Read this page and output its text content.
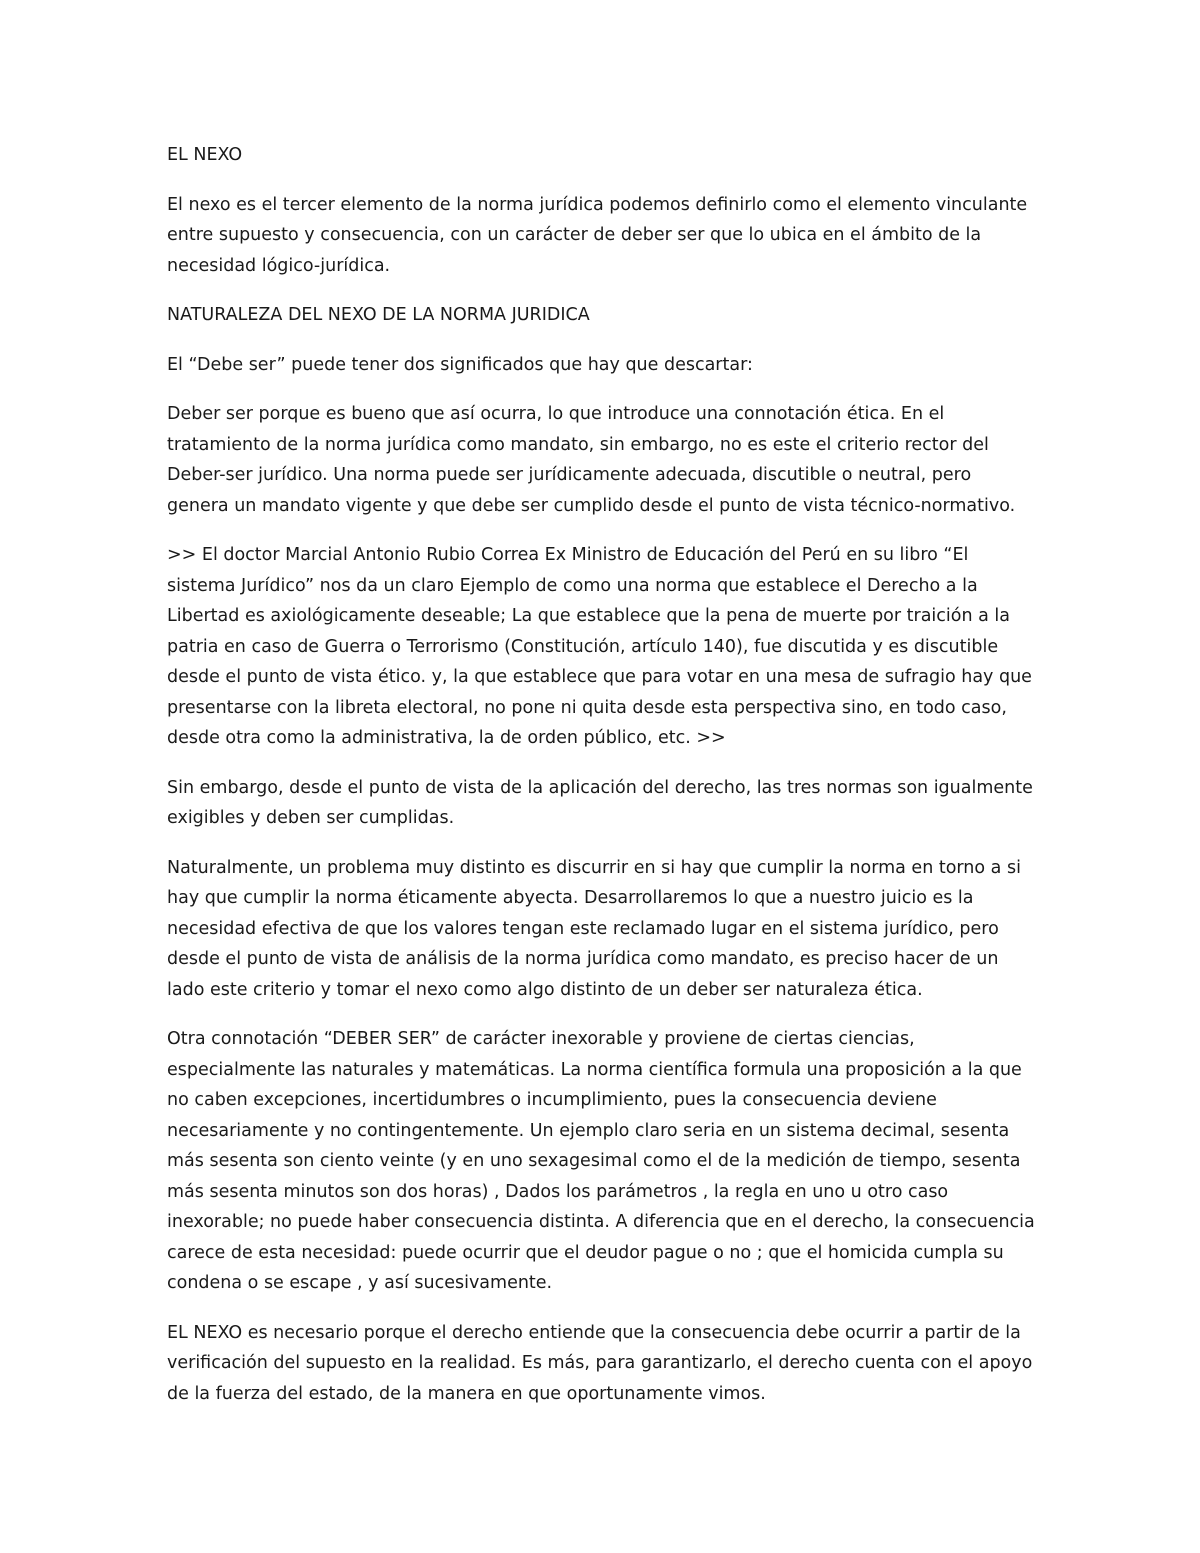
EL NEXO

El nexo es el tercer elemento de la norma jurídica podemos definirlo como el elemento vinculante entre supuesto y consecuencia, con un carácter de deber ser que lo ubica en el ámbito de la necesidad lógico-jurídica.

NATURALEZA DEL NEXO DE LA NORMA JURIDICA

El “Debe ser” puede tener dos significados que hay que descartar:

Deber ser porque es bueno que así ocurra, lo que introduce una connotación ética. En el tratamiento de la norma jurídica como mandato, sin embargo, no es este el criterio rector del Deber-ser jurídico. Una norma puede ser jurídicamente adecuada, discutible o neutral, pero genera un mandato vigente y que debe ser cumplido desde el punto de vista técnico-normativo.

>> El doctor Marcial Antonio Rubio Correa Ex Ministro de Educación del Perú en su libro “El sistema Jurídico” nos da un claro Ejemplo de como una norma que establece el Derecho a la Libertad es axiológicamente deseable; La que establece que la pena de muerte por traición a la patria en caso de Guerra o Terrorismo (Constitución, artículo 140), fue discutida y es discutible desde el punto de vista ético. y, la que establece que para votar en una mesa de sufragio hay que presentarse con la libreta electoral, no pone ni quita desde esta perspectiva sino, en todo caso, desde otra como la administrativa, la de orden público, etc. >>

Sin embargo, desde el punto de vista de la aplicación del derecho, las tres normas son igualmente exigibles y deben ser cumplidas.

Naturalmente, un problema muy distinto es discurrir en si hay que cumplir la norma en torno a si hay que cumplir la norma éticamente abyecta. Desarrollaremos lo que a nuestro juicio es la necesidad efectiva de que los valores tengan este reclamado lugar en el sistema jurídico, pero desde el punto de vista de análisis de la norma jurídica como mandato, es preciso hacer de un lado este criterio y tomar el nexo como algo distinto de un deber ser naturaleza ética.

Otra connotación “DEBER SER” de carácter inexorable y proviene de ciertas ciencias, especialmente las naturales y matemáticas. La norma científica formula una proposición a la que no caben excepciones, incertidumbres o incumplimiento, pues la consecuencia deviene necesariamente y no contingentemente. Un ejemplo claro seria en un sistema decimal, sesenta más sesenta son ciento veinte (y en uno sexagesimal como el de la medición de tiempo, sesenta más sesenta minutos son dos horas) , Dados los parámetros , la regla en uno u otro caso inexorable; no puede haber consecuencia distinta. A diferencia que en el derecho, la consecuencia carece de esta necesidad: puede ocurrir que el deudor pague o no ; que el homicida cumpla su condena o se escape , y así sucesivamente.

EL NEXO es necesario porque el derecho entiende que la consecuencia debe ocurrir a partir de la verificación del supuesto en la realidad. Es más, para garantizarlo, el derecho cuenta con el apoyo de la fuerza del estado, de la manera en que oportunamente vimos.
